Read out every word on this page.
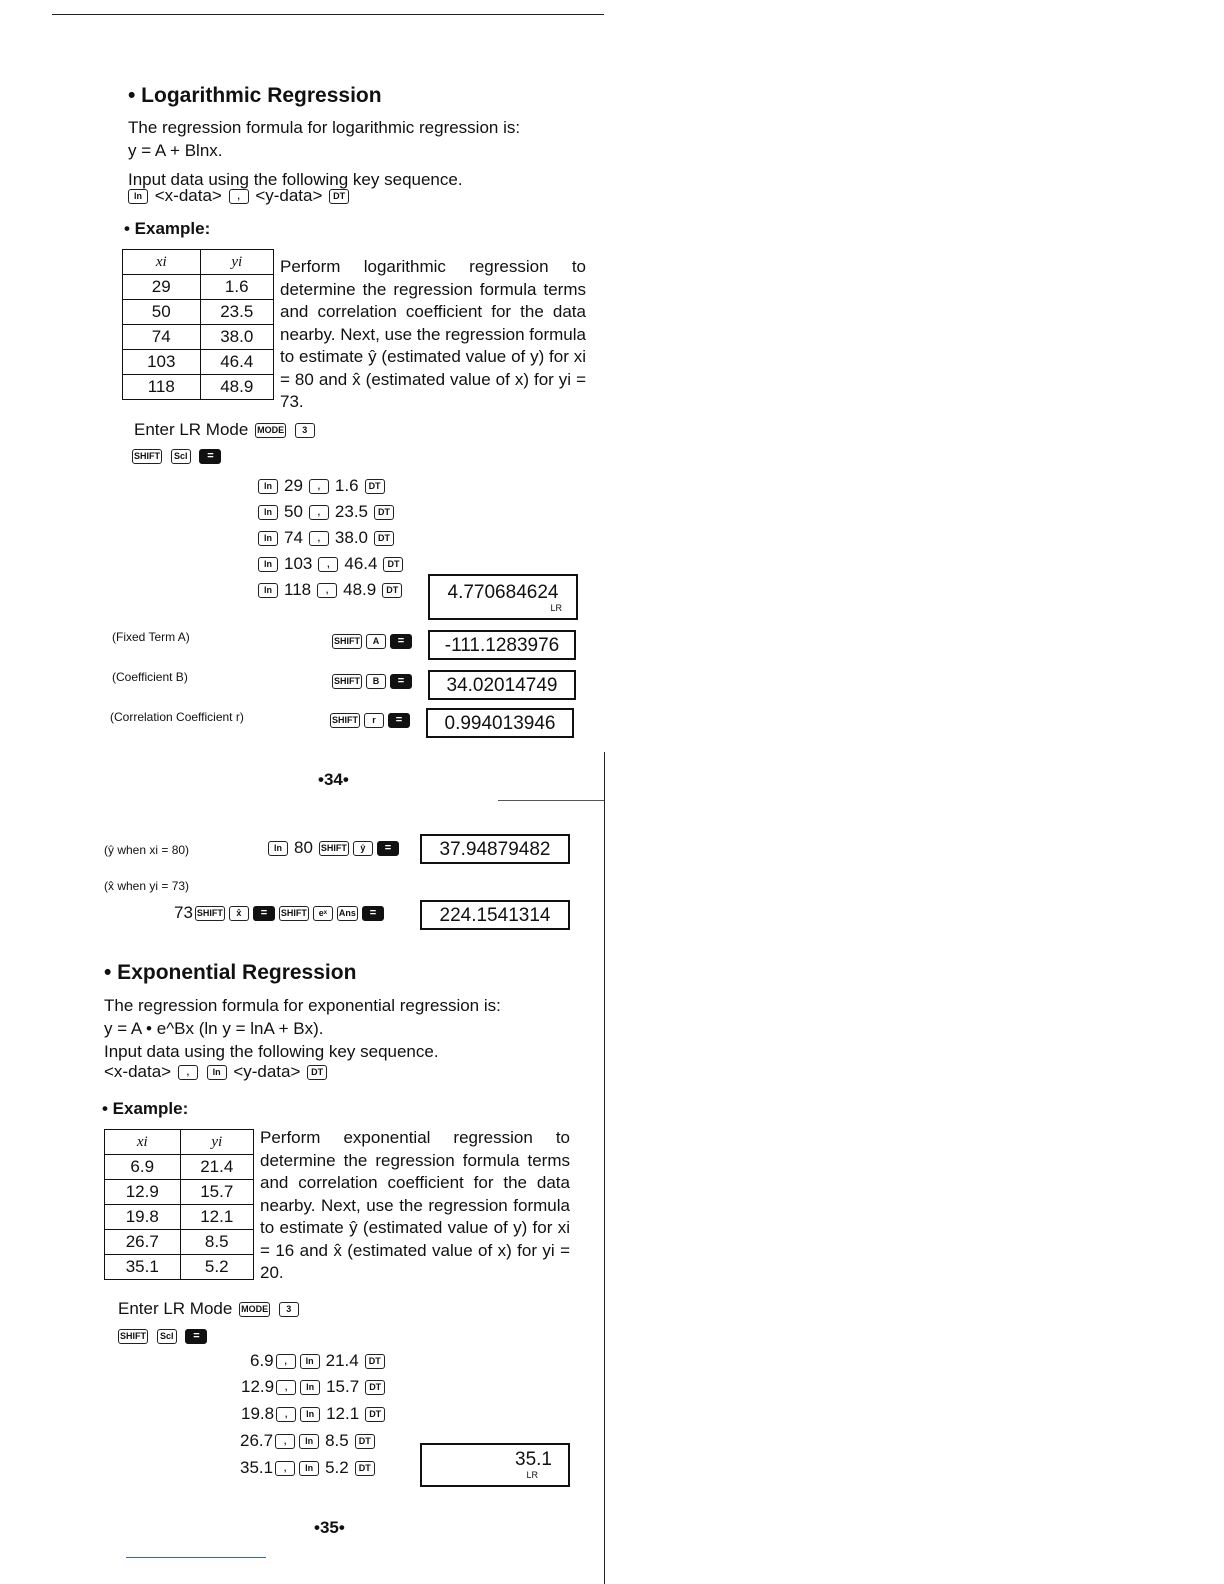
• Logarithmic Regression
The regression formula for logarithmic regression is:
y = A + Blnx.
Input data using the following key sequence.
ln <x-data> , <y-data> DT
• Example:
xi	yi
29	1.6
50	23.5
74	38.0
103	46.4
118	48.9
Perform logarithmic regression to determine the regression formula terms and correlation coefficient for the data nearby. Next, use the regression formula to estimate ŷ (estimated value of y) for xi = 80 and x̂ (estimated value of x) for yi = 73.
Enter LR Mode MODE 3
SHIFT Scl =
ln 29 , 1.6 DT
ln 50 , 23.5 DT
ln 74 , 38.0 DT
ln 103 , 46.4 DT
ln 118 , 48.9 DT	4.770684624
LR
(Fixed Term A)	SHIFT A =	-111.1283976
(Coefficient B)	SHIFT B =	34.02014749
(Correlation Coefficient r)	SHIFT r =	0.994013946
•34•
(ŷ when xi = 80)	ln 80 SHIFT ŷ =	37.94879482
(x̂ when yi = 73)
73 SHIFT x̂ = SHIFT eˣ Ans =	224.1541314
• Exponential Regression
The regression formula for exponential regression is:
y = A • e^Bx (ln y = lnA + Bx).
Input data using the following key sequence.
<x-data> ,	ln <y-data> DT
• Example:
xi	yi
6.9	21.4
12.9	15.7
19.8	12.1
26.7	8.5
35.1	5.2
Perform exponential regression to determine the regression formula terms and correlation coefficient for the data nearby. Next, use the regression formula to estimate ŷ (estimated value of y) for xi = 16 and x̂ (estimated value of x) for yi = 20.
Enter LR Mode MODE 3
SHIFT Scl =
6.9 , ln 21.4 DT
12.9 , ln 15.7 DT
19.8 , ln 12.1 DT
26.7 , ln 8.5 DT
35.1 , ln 5.2 DT	35.1
LR
•35•
